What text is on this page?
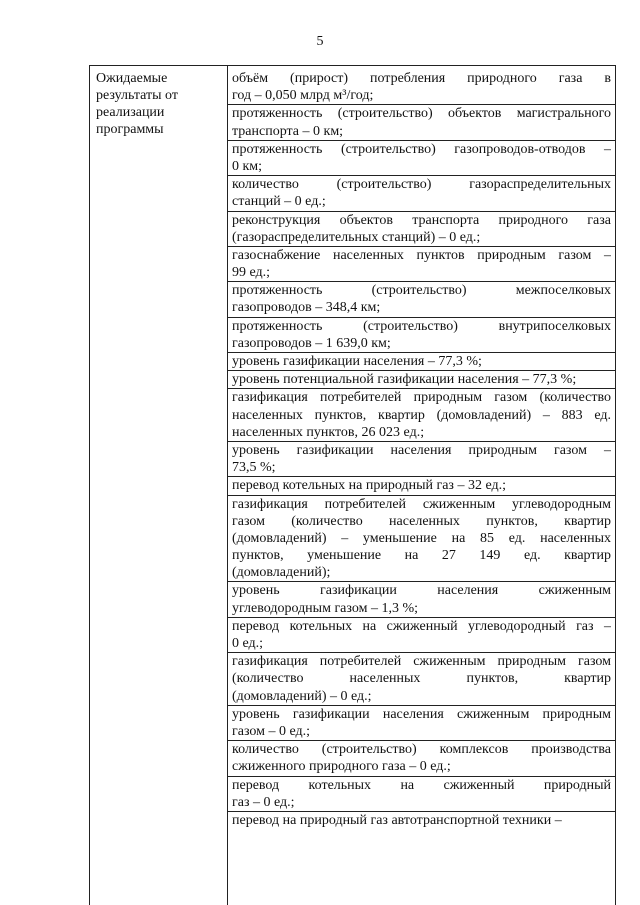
5
Ожидаемые
результаты от
реализации
программы
объём (прирост) потребления природного газа в
год – 0,050 млрд м³/год;
протяженность (строительство) объектов магистрального
транспорта – 0 км;
протяженность (строительство) газопроводов-отводов –
0 км;
количество (строительство) газораспределительных
станций – 0 ед.;
реконструкция объектов транспорта природного газа
(газораспределительных станций) – 0 ед.;
газоснабжение населенных пунктов природным газом –
99 ед.;
протяженность (строительство) межпоселковых
газопроводов – 348,4 км;
протяженность (строительство) внутрипоселковых
газопроводов – 1 639,0 км;
уровень газификации населения – 77,3 %;
уровень потенциальной газификации населения – 77,3 %;
газификация потребителей природным газом (количество
населенных пунктов, квартир (домовладений) – 883 ед.
населенных пунктов, 26 023 ед.;
уровень газификации населения природным газом –
73,5 %;
перевод котельных на природный газ – 32 ед.;
газификация потребителей сжиженным углеводородным
газом (количество населенных пунктов, квартир
(домовладений) – уменьшение на 85 ед. населенных
пунктов, уменьшение на 27 149 ед. квартир
(домовладений);
уровень газификации населения сжиженным
углеводородным газом – 1,3 %;
перевод котельных на сжиженный углеводородный газ –
0 ед.;
газификация потребителей сжиженным природным газом
(количество населенных пунктов, квартир
(домовладений) – 0 ед.;
уровень газификации населения сжиженным природным
газом – 0 ед.;
количество (строительство) комплексов производства
сжиженного природного газа – 0 ед.;
перевод котельных на сжиженный природный
газ – 0 ед.;
перевод на природный газ автотранспортной техники –
